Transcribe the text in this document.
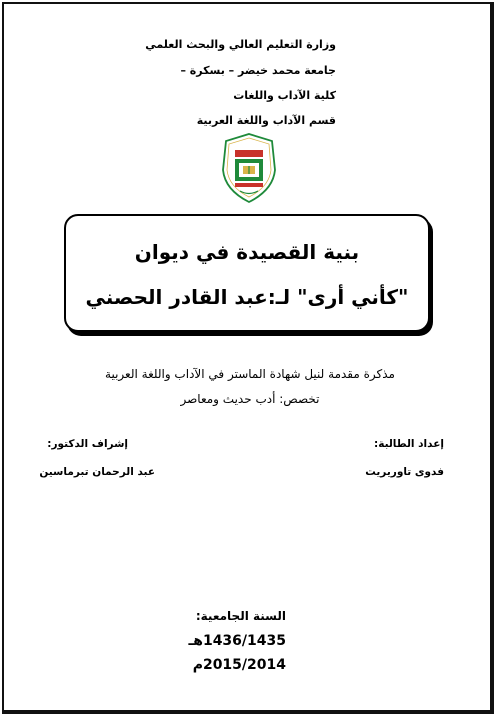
وزارة التعليم العالي والبحث العلمي
جامعة محمد خيضر – بسكرة –
كلية الآداب واللغات
قسم الآداب واللغة العربية
بنية القصيدة في ديوان
"كأني أرى" لـ:عبد القادر الحصني
مذكرة مقدمة لنيل شهادة الماستر في الآداب واللغة العربية
تخصص: أدب حديث ومعاصر
إعداد الطالبة:
فدوى تاوريريت
إشراف الدكتور:
عبد الرحمان تبرماسين
السنة الجامعية:
1436/1435هـ
2015/2014م
